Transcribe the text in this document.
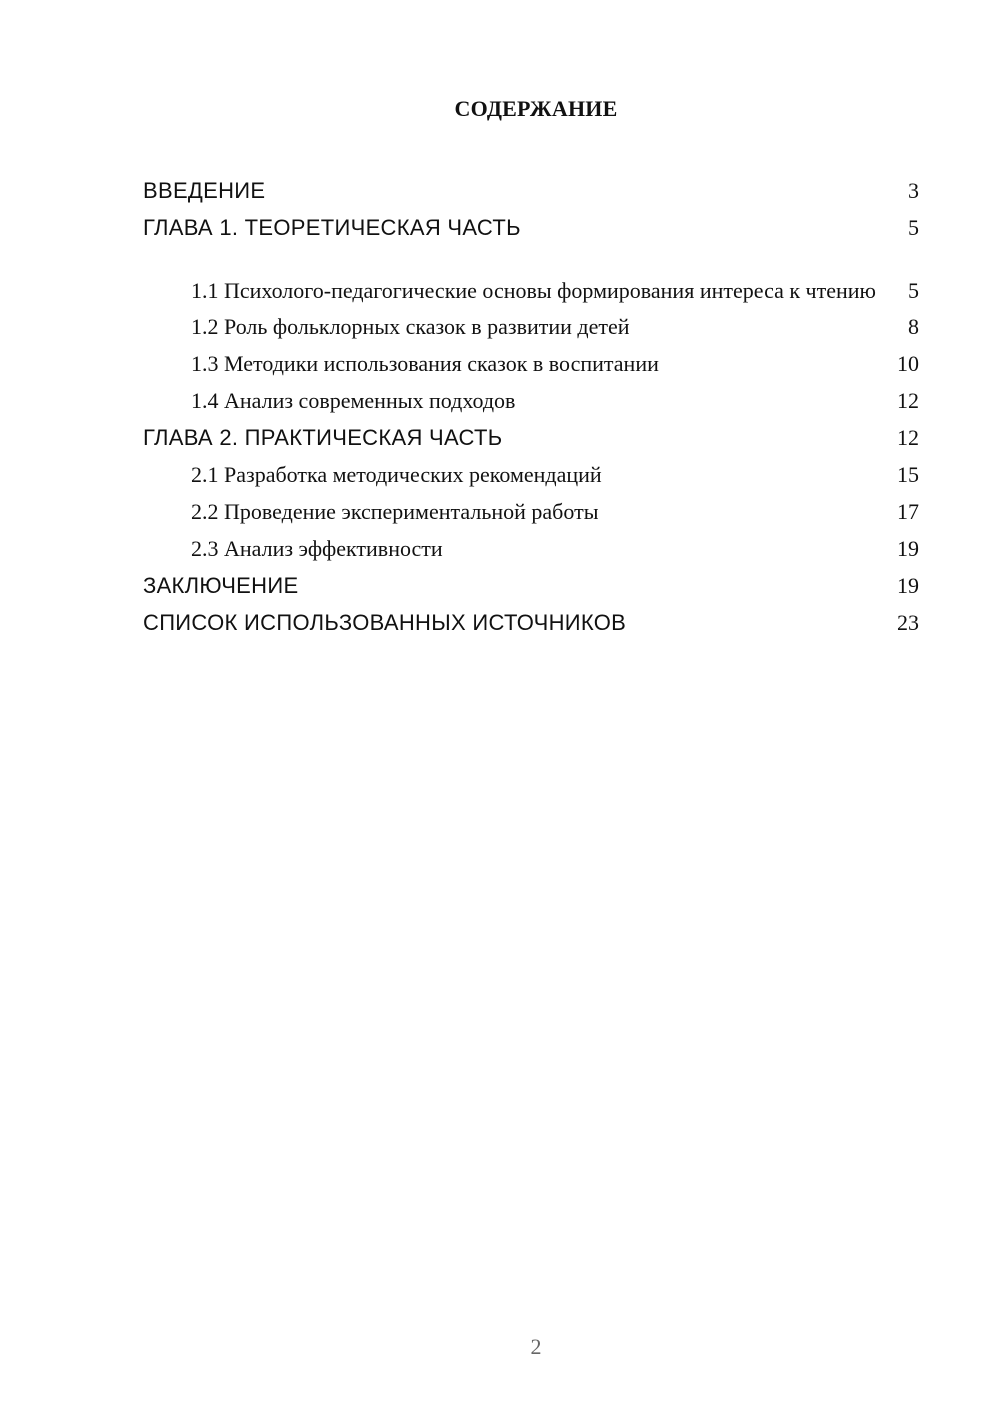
СОДЕРЖАНИЕ
ВВЕДЕНИЕ	3
ГЛАВА 1. ТЕОРЕТИЧЕСКАЯ ЧАСТЬ	5
1.1 Психолого-педагогические основы формирования интереса к чтению	5
1.2 Роль фольклорных сказок в развитии детей	8
1.3 Методики использования сказок в воспитании	10
1.4 Анализ современных подходов	12
ГЛАВА 2. ПРАКТИЧЕСКАЯ ЧАСТЬ	12
2.1 Разработка методических рекомендаций	15
2.2 Проведение экспериментальной работы	17
2.3 Анализ эффективности	19
ЗАКЛЮЧЕНИЕ	19
СПИСОК ИСПОЛЬЗОВАННЫХ ИСТОЧНИКОВ	23
2
